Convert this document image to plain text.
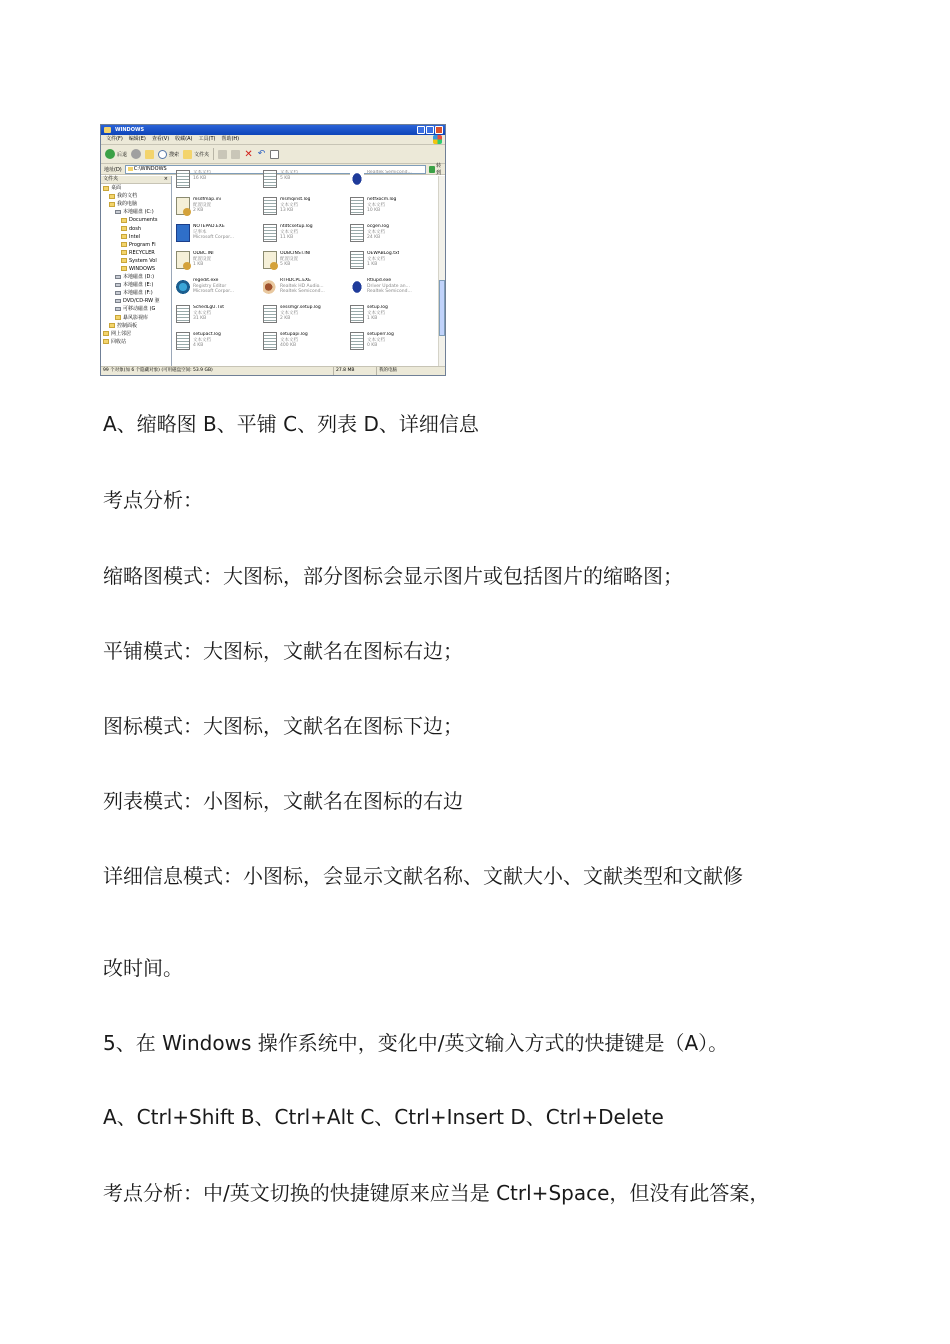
WINDOWS
文件(F) 编辑(E) 查看(V) 收藏(A) 工具(T) 帮助(H)
后退	搜索	文件夹	✕ ↶
地址(D)	C:\WINDOWS	转到
文件夹	×
桌面
我的文档
我的电脑
本地磁盘 (C:)
Documents
dosh
Intel
Program Fi
RECYCLER
System Vol
WINDOWS
本地磁盘 (D:)
本地磁盘 (E:)
本地磁盘 (F:)
DVD/CD-RW 驱
可移动磁盘 (G
暴风影视库
控制面板
网上邻居
回收站
文本文档
16 KB
文本文档
5 KB
Realtek Semicond...
msdfmap.ini
配置设置
2 KB
msmqinst.log
文本文档
13 KB
netfxocm.log
文本文档
10 KB
NOTEPAD.EXE
记事本
Microsoft Corpor...
ntdtcsetup.log
文本文档
11 KB
ocgen.log
文本文档
24 KB
ODBC.INI
配置设置
1 KB
ODBCINST.INI
配置设置
5 KB
OEWABLog.txt
文本文档
1 KB
regedit.exe
Registry Editor
Microsoft Corpor...
RTHDCPL.EXE
Realtek HD Audio...
Realtek Semicond...
Rtlupd.exe
Driver Update an...
Realtek Semicond...
SchedLgU.Txt
文本文档
31 KB
sessmgr.setup.log
文本文档
2 KB
setup.log
文本文档
1 KB
setupact.log
文本文档
4 KB
setupapi.log
文本文档
400 KB
setuperr.log
文本文档
0 KB
99 个对象(加 6 个隐藏对象) (可用磁盘空间: 53.9 GB)	27.8 MB	我的电脑
A、缩略图 B、平铺 C、列表 D、详细信息
考点分析：
缩略图模式：大图标，部分图标会显示图片或包括图片的缩略图；
平铺模式：大图标，文献名在图标右边；
图标模式：大图标，文献名在图标下边；
列表模式：小图标，文献名在图标的右边
详细信息模式：小图标，会显示文献名称、文献大小、文献类型和文献修
改时间。
5、在 Windows 操作系统中，变化中/英文输入方式的快捷键是（A）。
A、Ctrl+Shift B、Ctrl+Alt C、Ctrl+Insert D、Ctrl+Delete
考点分析：中/英文切换的快捷键原来应当是 Ctrl+Space，但没有此答案，
